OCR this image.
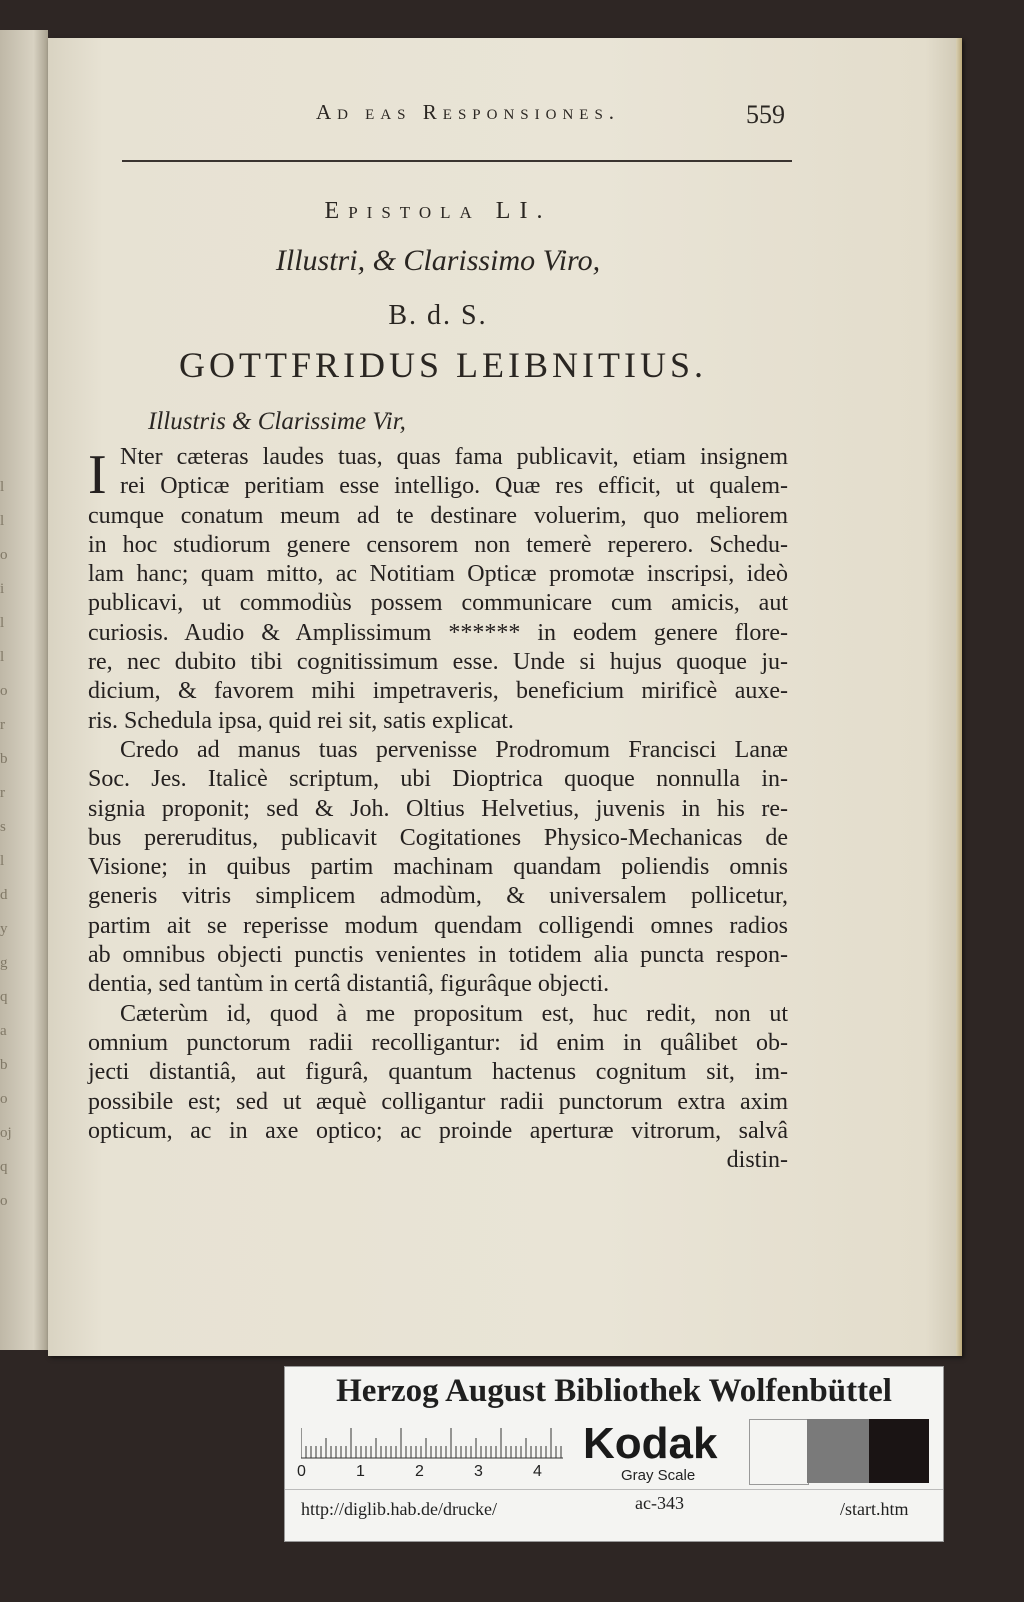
l
l
o
i
l
l
o
r
b
r
s
l
d
y
g
q
a
b
o
oj
q
o
Ad eas Responsiones.	559
Epistola LI.
Illustri, & Clarissimo Viro,
B. d. S.
GOTTFRIDUS LEIBNITIUS.
Illustris & Clarissime Vir,
I Nter cæteras laudes tuas, quas fama publicavit, etiam insignem
rei Opticæ peritiam esse intelligo. Quæ res efficit, ut qualem-
cumque conatum meum ad te destinare voluerim, quo meliorem
in hoc studiorum genere censorem non temerè reperero. Schedu-
lam hanc; quam mitto, ac Notitiam Opticæ promotæ inscripsi, ideò
publicavi, ut commodiùs possem communicare cum amicis, aut
curiosis. Audio & Amplissimum ****** in eodem genere flore-
re, nec dubito tibi cognitissimum esse. Unde si hujus quoque ju-
dicium, & favorem mihi impetraveris, beneficium mirificè auxe-
ris. Schedula ipsa, quid rei sit, satis explicat.
Credo ad manus tuas pervenisse Prodromum Francisci Lanæ
Soc. Jes. Italicè scriptum, ubi Dioptrica quoque nonnulla in-
signia proponit; sed & Joh. Oltius Helvetius, juvenis in his re-
bus pereruditus, publicavit Cogitationes Physico-Mechanicas de
Visione; in quibus partim machinam quandam poliendis omnis
generis vitris simplicem admodùm, & universalem pollicetur,
partim ait se reperisse modum quendam colligendi omnes radios
ab omnibus objecti punctis venientes in totidem alia puncta respon-
dentia, sed tantùm in certâ distantiâ, figurâque objecti.
Cæterùm id, quod à me propositum est, huc redit, non ut
omnium punctorum radii recolligantur: id enim in quâlibet ob-
jecti distantiâ, aut figurâ, quantum hactenus cognitum sit, im-
possibile est; sed ut æquè colligantur radii punctorum extra axim
opticum, ac in axe optico; ac proinde aperturæ vitrorum, salvâ
distin-
Herzog August Bibliothek Wolfenbüttel
0	1	2	3	4
Kodak
Gray Scale
http://diglib.hab.de/drucke/	ac-343	/start.htm
